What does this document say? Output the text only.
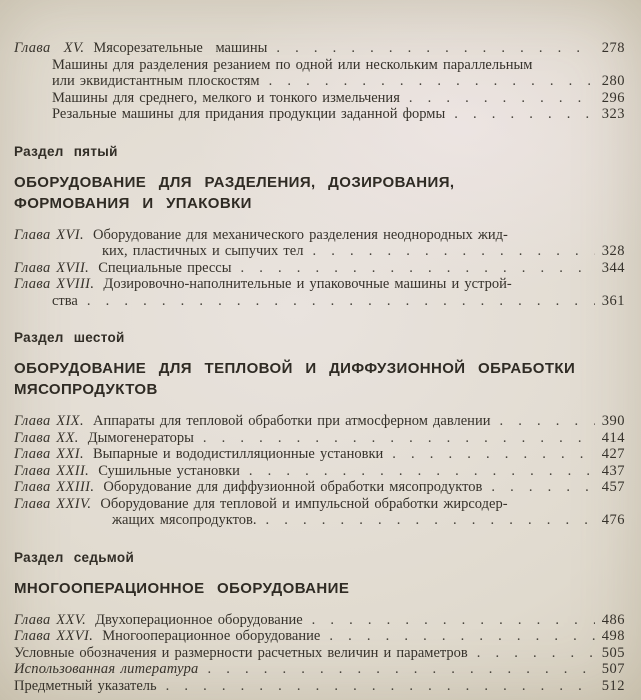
Глава XV. Мясорезательные машины . . .	278
Машины для разделения резанием по одной или нескольким параллельным
или эквидистантным плоскостям . . .	280
Машины для среднего, мелкого и тонкого измельчения . . .	296
Резальные машины для придания продукции заданной формы . . .	323
Раздел пятый
ОБОРУДОВАНИЕ ДЛЯ РАЗДЕЛЕНИЯ, ДОЗИРОВАНИЯ,
ФОРМОВАНИЯ И УПАКОВКИ
Глава XVI. Оборудование для механического разделения неоднородных жид-
ких, пластичных и сыпучих тел . . .	328
Глава XVII. Специальные прессы . . .	344
Глава XVIII. Дозировочно-наполнительные и упаковочные машины и устрой-
ства . . .	361
Раздел шестой
ОБОРУДОВАНИЕ ДЛЯ ТЕПЛОВОЙ И ДИФФУЗИОННОЙ ОБРАБОТКИ
МЯСОПРОДУКТОВ
Глава XIX. Аппараты для тепловой обработки при атмосферном давлении . . .	390
Глава XX. Дымогенераторы . . .	414
Глава XXI. Выпарные и вододистилляционные установки . . .	427
Глава XXII. Сушильные установки . . .	437
Глава XXIII. Оборудование для диффузионной обработки мясопродуктов . . .	457
Глава XXIV. Оборудование для тепловой и импульсной обработки жирсодер-
жащих мясопродуктов. . . .	476
Раздел седьмой
МНОГООПЕРАЦИОННОЕ ОБОРУДОВАНИЕ
Глава XXV. Двухоперационное оборудование . . .	486
Глава XXVI. Многооперационное оборудование . . .	498
Условные обозначения и размерности расчетных величин и параметров . . .	505
Использованная литература . . .	507
Предметный указатель . . .	512
